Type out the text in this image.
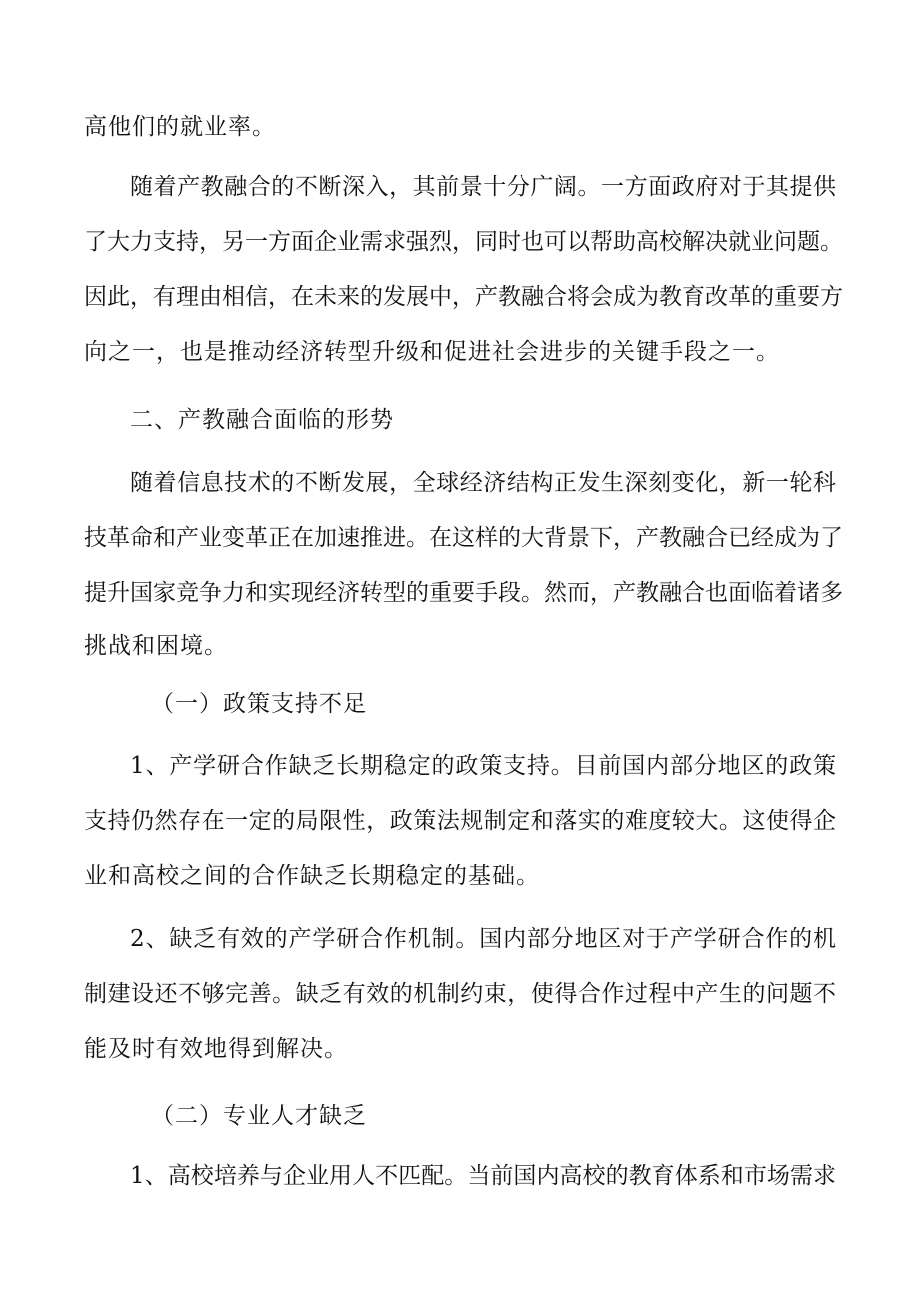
高他们的就业率。

随着产教融合的不断深入，其前景十分广阔。一方面政府对于其提供

了大力支持，另一方面企业需求强烈，同时也可以帮助高校解决就业问题。

因此，有理由相信，在未来的发展中，产教融合将会成为教育改革的重要方

向之一，也是推动经济转型升级和促进社会进步的关键手段之一。

二、产教融合面临的形势

随着信息技术的不断发展，全球经济结构正发生深刻变化，新一轮科

技革命和产业变革正在加速推进。在这样的大背景下，产教融合已经成为了

提升国家竞争力和实现经济转型的重要手段。然而，产教融合也面临着诸多

挑战和困境。

（一）政策支持不足

1、产学研合作缺乏长期稳定的政策支持。目前国内部分地区的政策

支持仍然存在一定的局限性，政策法规制定和落实的难度较大。这使得企

业和高校之间的合作缺乏长期稳定的基础。

2、缺乏有效的产学研合作机制。国内部分地区对于产学研合作的机

制建设还不够完善。缺乏有效的机制约束，使得合作过程中产生的问题不

能及时有效地得到解决。

（二）专业人才缺乏

1、高校培养与企业用人不匹配。当前国内高校的教育体系和市场需求
